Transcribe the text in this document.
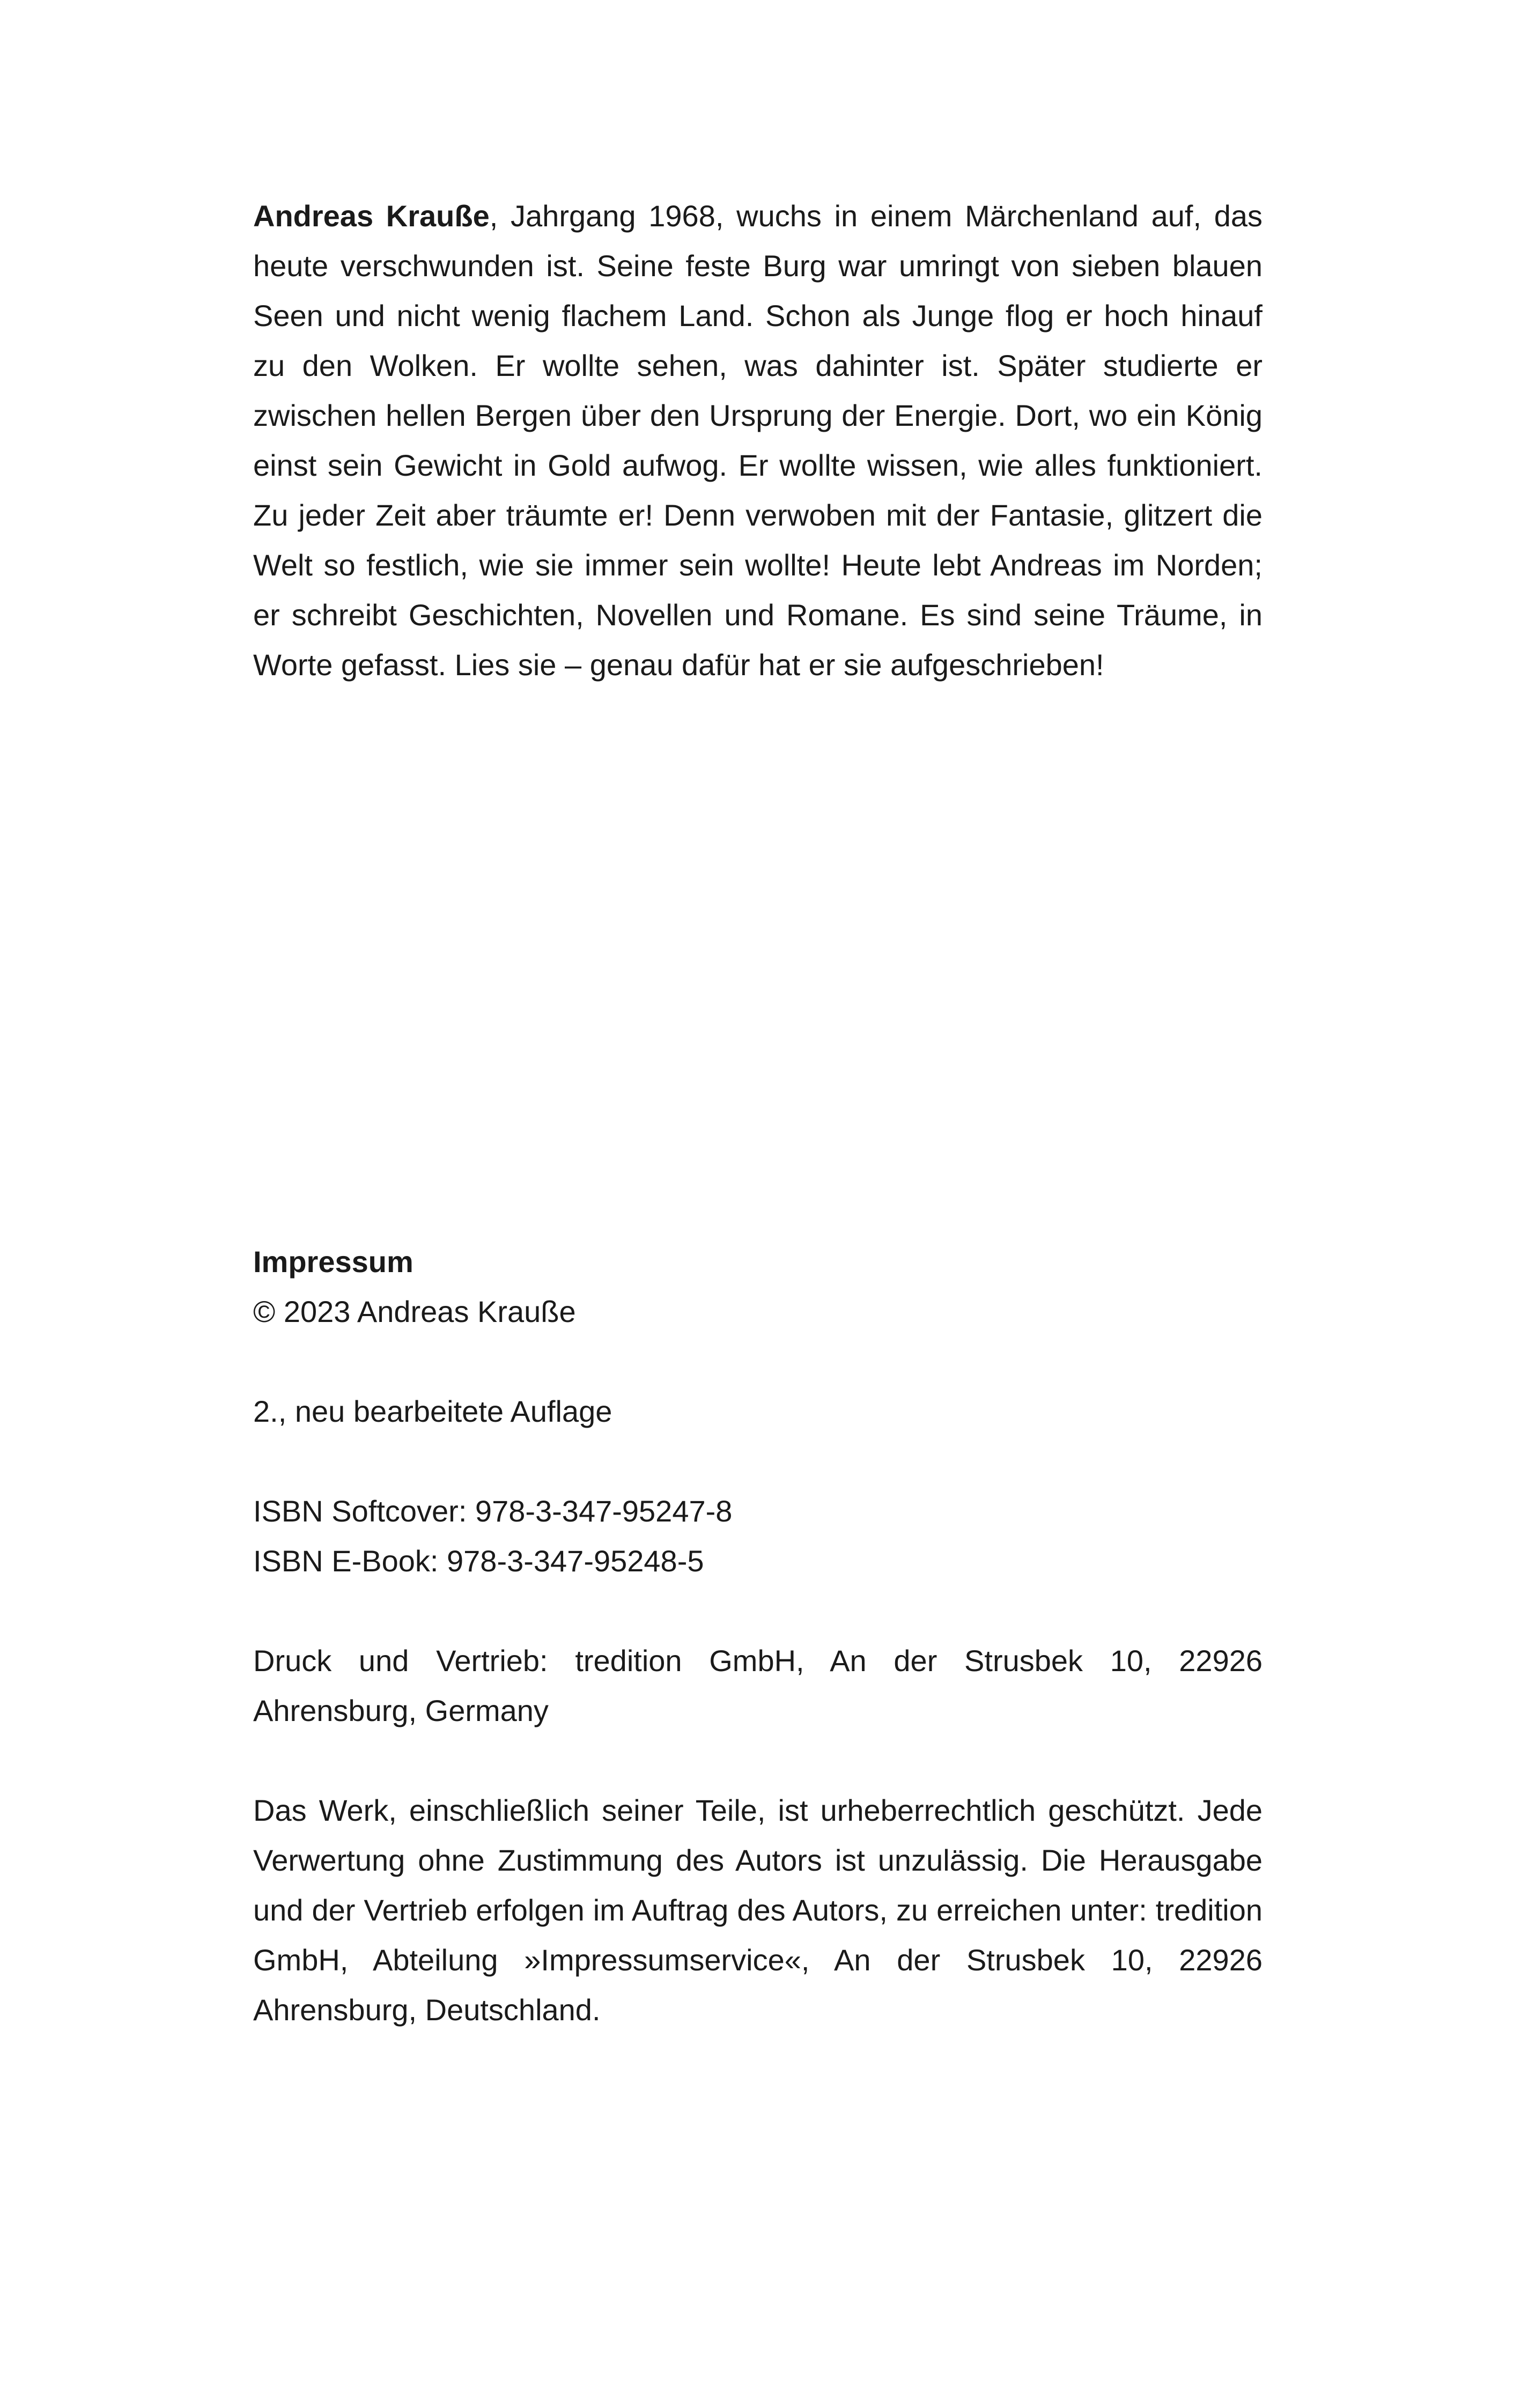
Andreas Krauße, Jahrgang 1968, wuchs in einem Märchenland auf, das heute verschwunden ist. Seine feste Burg war umringt von sieben blauen Seen und nicht wenig flachem Land. Schon als Junge flog er hoch hinauf zu den Wolken. Er wollte sehen, was dahinter ist. Später studierte er zwischen hellen Bergen über den Ursprung der Energie. Dort, wo ein König einst sein Gewicht in Gold aufwog. Er wollte wissen, wie alles funktioniert. Zu jeder Zeit aber träumte er! Denn verwoben mit der Fantasie, glitzert die Welt so festlich, wie sie immer sein wollte! Heute lebt Andreas im Norden; er schreibt Geschichten, Novellen und Romane. Es sind seine Träume, in Worte gefasst. Lies sie – genau dafür hat er sie aufgeschrieben!

Impressum
© 2023 Andreas Krauße
2., neu bearbeitete Auflage
ISBN Softcover: 978-3-347-95247-8
ISBN E-Book: 978-3-347-95248-5
Druck und Vertrieb: tredition GmbH, An der Strusbek 10, 22926 Ahrensburg, Germany
Das Werk, einschließlich seiner Teile, ist urheberrechtlich geschützt. Jede Verwertung ohne Zustimmung des Autors ist unzulässig. Die Herausgabe und der Vertrieb erfolgen im Auftrag des Autors, zu erreichen unter: tredition GmbH, Abteilung »Impressumservice«, An der Strusbek 10, 22926 Ahrensburg, Deutschland.
